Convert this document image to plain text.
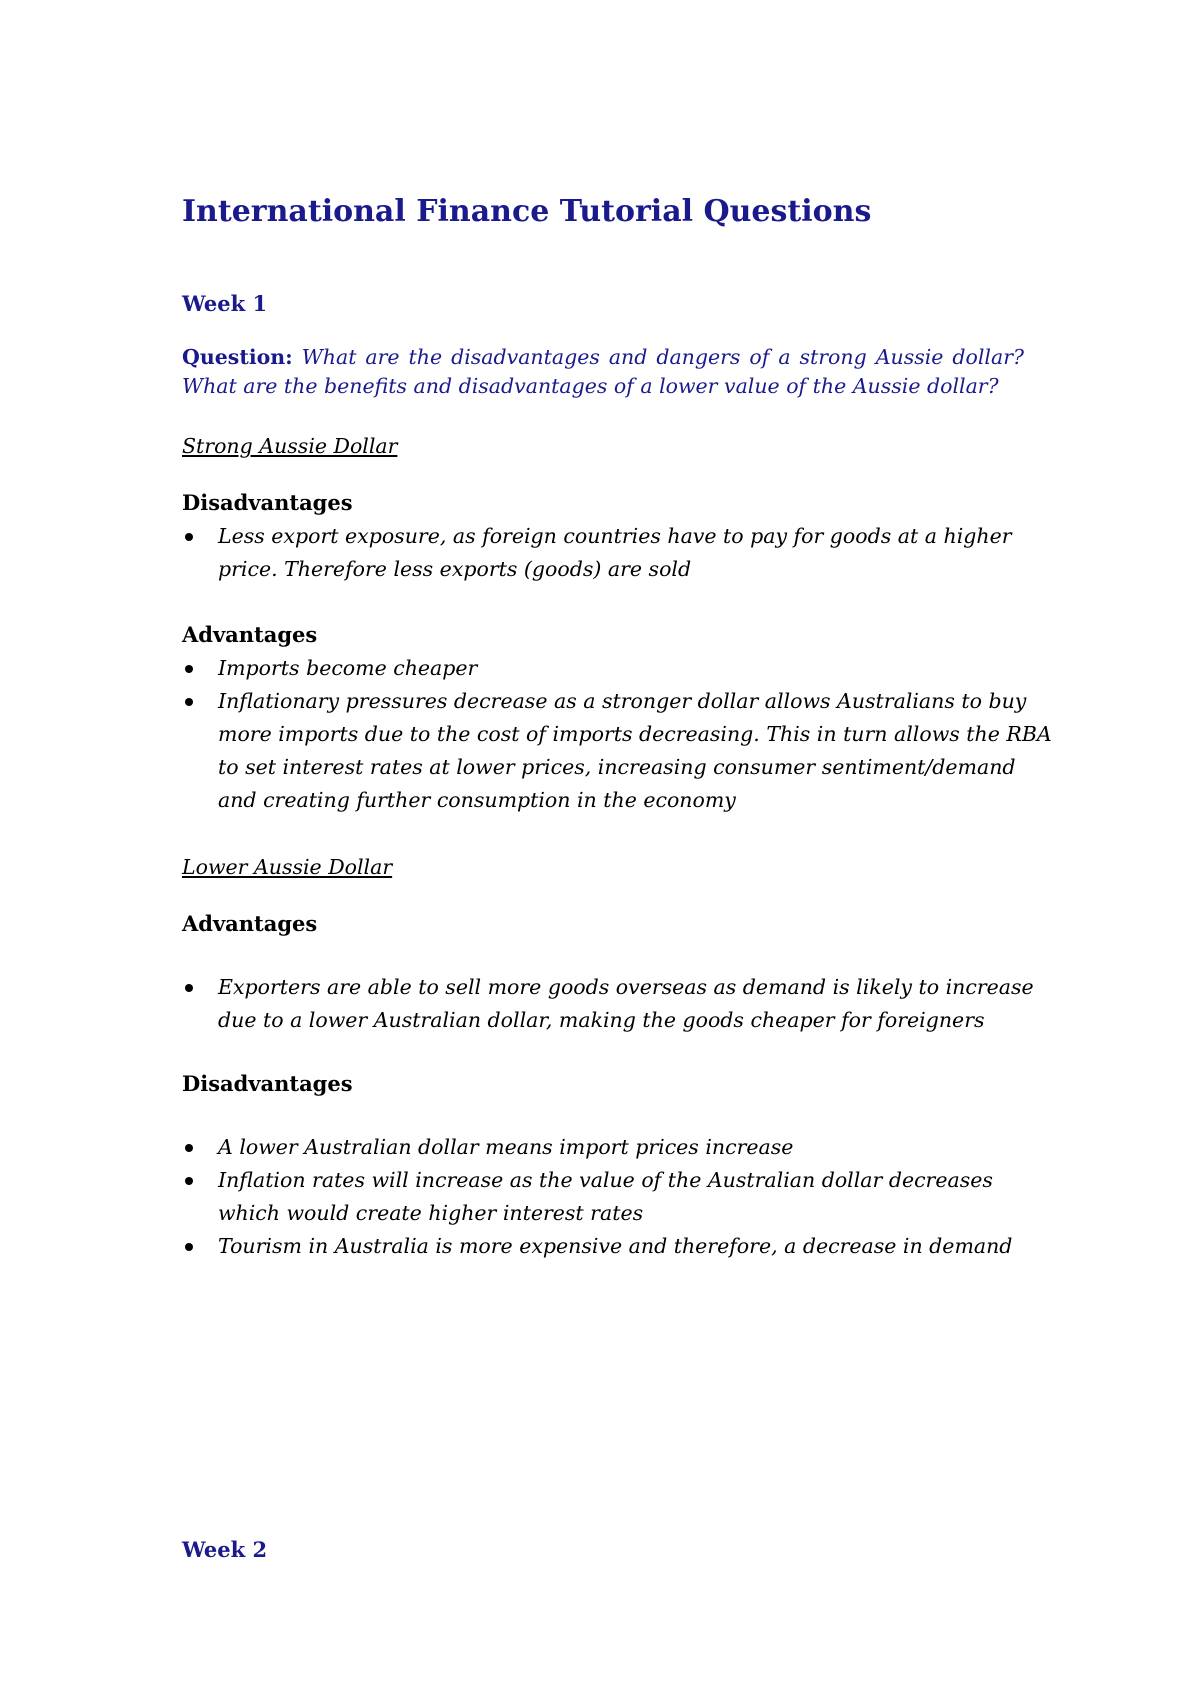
International Finance Tutorial Questions
Week 1
Question: What are the disadvantages and dangers of a strong Aussie dollar?
What are the benefits and disadvantages of a lower value of the Aussie dollar?
Strong Aussie Dollar
Disadvantages
Less export exposure, as foreign countries have to pay for goods at a higher
price. Therefore less exports (goods) are sold
Advantages
Imports become cheaper
Inflationary pressures decrease as a stronger dollar allows Australians to buy
more imports due to the cost of imports decreasing. This in turn allows the RBA
to set interest rates at lower prices, increasing consumer sentiment/demand
and creating further consumption in the economy
Lower Aussie Dollar
Advantages
Exporters are able to sell more goods overseas as demand is likely to increase
due to a lower Australian dollar, making the goods cheaper for foreigners
Disadvantages
A lower Australian dollar means import prices increase
Inflation rates will increase as the value of the Australian dollar decreases
which would create higher interest rates
Tourism in Australia is more expensive and therefore, a decrease in demand
Week 2
